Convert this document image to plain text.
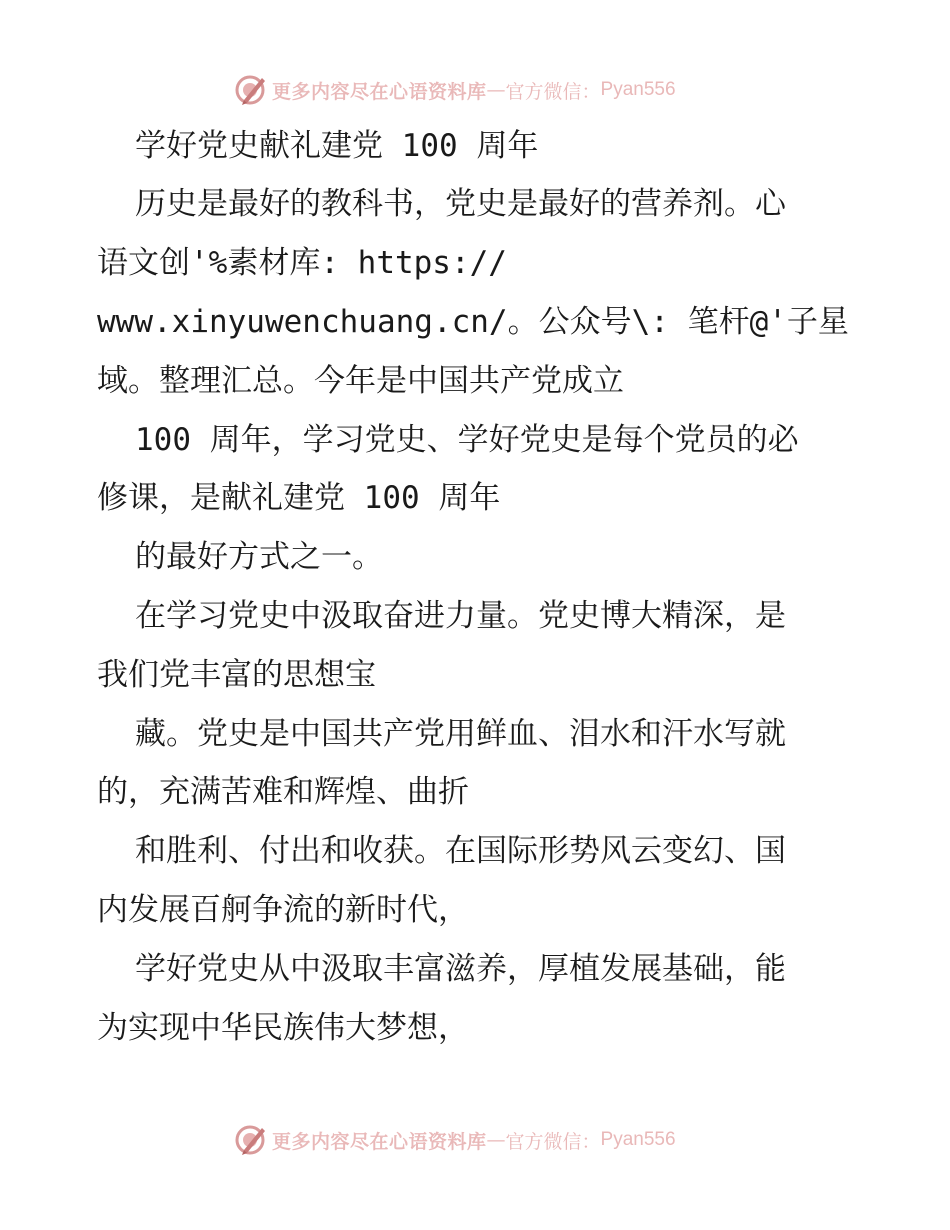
更多内容尽在心语资料库 — 官方微信： Pyan556

学好党史献礼建党 100 周年

历史是最好的教科书，党史是最好的营养剂。心

语文创'%素材库: https://

www.xinyuwenchuang.cn/。公众号\: 笔杆@'子星

域。整理汇总。今年是中国共产党成立

100 周年，学习党史、学好党史是每个党员的必

修课，是献礼建党 100 周年

的最好方式之一。

在学习党史中汲取奋进力量。党史博大精深，是

我们党丰富的思想宝

藏。党史是中国共产党用鲜血、泪水和汗水写就

的，充满苦难和辉煌、曲折

和胜利、付出和收获。在国际形势风云变幻、国

内发展百舸争流的新时代，

学好党史从中汲取丰富滋养，厚植发展基础，能

为实现中华民族伟大梦想，

更多内容尽在心语资料库 — 官方微信： Pyan556
